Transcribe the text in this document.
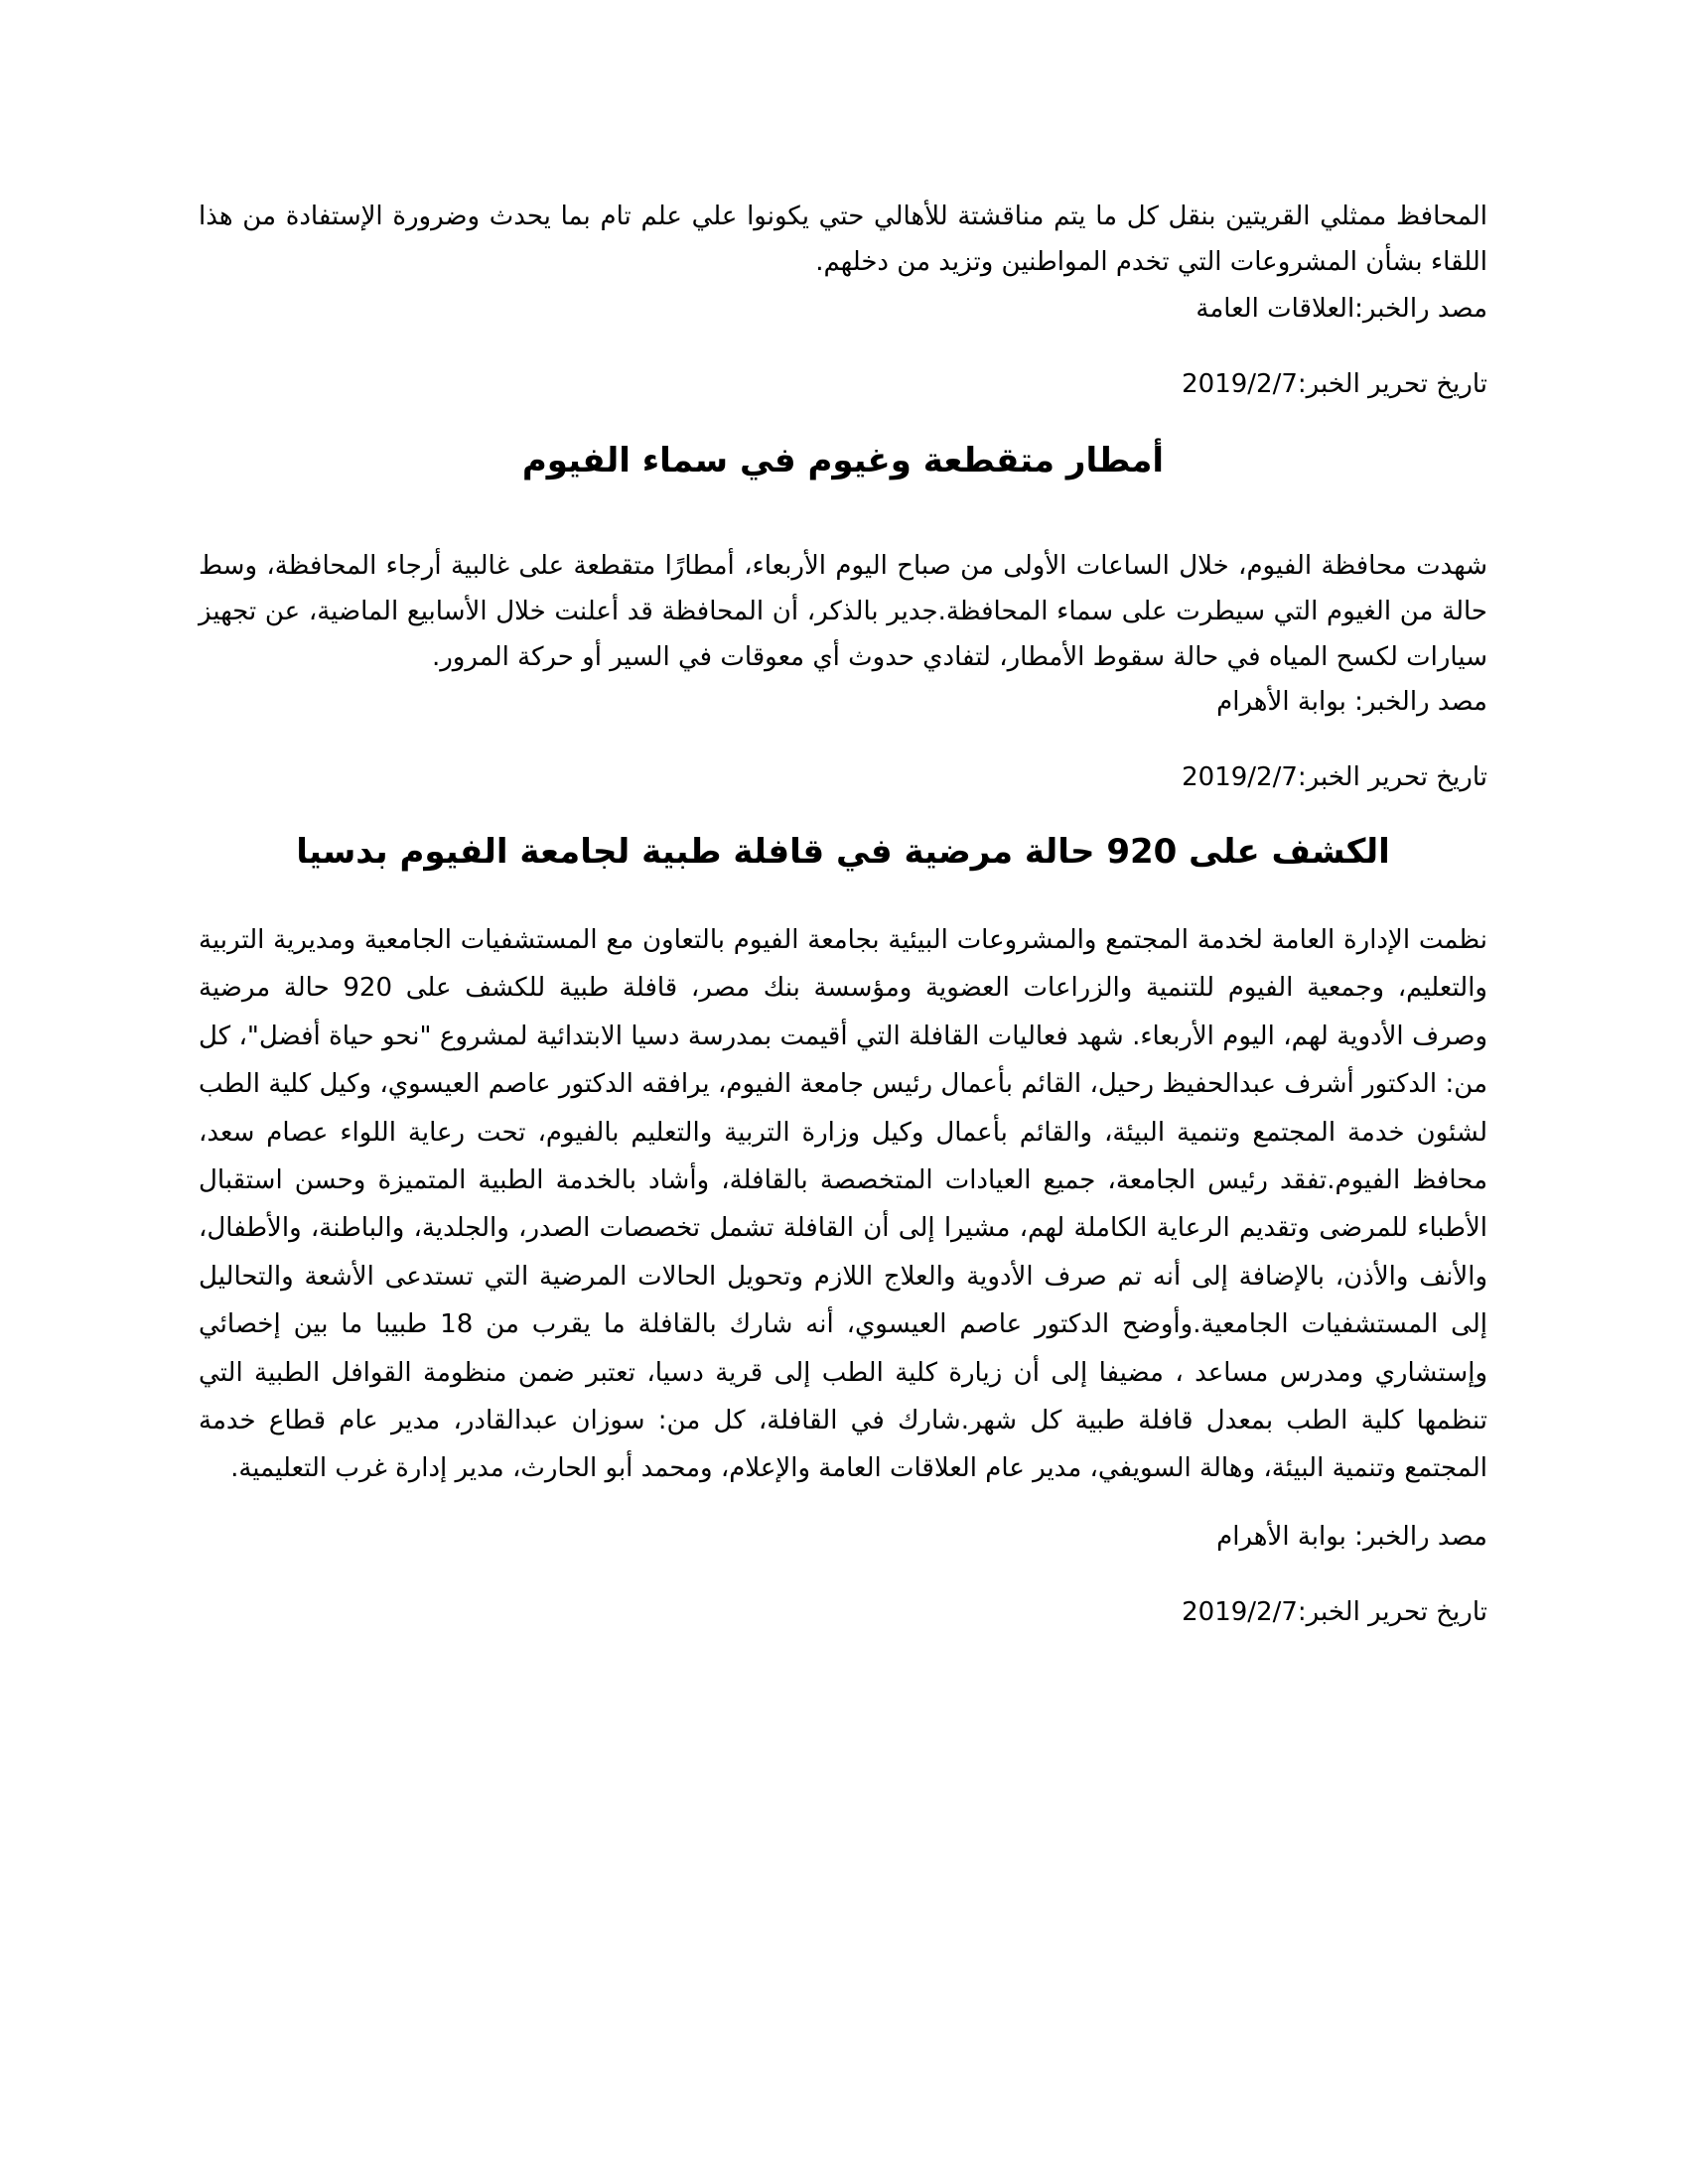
المحافظ ممثلي القريتين بنقل كل ما يتم مناقشتة للأهالي حتي يكونوا علي علم تام بما يحدث وضرورة الإستفادة من هذا اللقاء بشأن المشروعات التي تخدم المواطنين وتزيد من دخلهم.

مصد رالخبر:العلاقات العامة

تاريخ تحرير الخبر:2019/2/7

أمطار متقطعة وغيوم في سماء الفيوم

شهدت محافظة الفيوم، خلال الساعات الأولى من صباح اليوم الأربعاء، أمطارًا متقطعة على غالبية أرجاء المحافظة، وسط حالة من الغيوم التي سيطرت على سماء المحافظة.جدير بالذكر، أن المحافظة قد أعلنت خلال الأسابيع الماضية، عن تجهيز سيارات لكسح المياه في حالة سقوط الأمطار، لتفادي حدوث أي معوقات في السير أو حركة المرور.

مصد رالخبر: بوابة الأهرام

تاريخ تحرير الخبر:2019/2/7

الكشف على 920 حالة مرضية في قافلة طبية لجامعة الفيوم بدسيا

نظمت الإدارة العامة لخدمة المجتمع والمشروعات البيئية بجامعة الفيوم بالتعاون مع المستشفيات الجامعية ومديرية التربية والتعليم، وجمعية الفيوم للتنمية والزراعات العضوية ومؤسسة بنك مصر، قافلة طبية للكشف على 920 حالة مرضية وصرف الأدوية لهم، اليوم الأربعاء. شهد فعاليات القافلة التي أقيمت بمدرسة دسيا الابتدائية لمشروع "نحو حياة أفضل"، كل من: الدكتور أشرف عبدالحفيظ رحيل، القائم بأعمال رئيس جامعة الفيوم، يرافقه الدكتور عاصم العيسوي، وكيل كلية الطب لشئون خدمة المجتمع وتنمية البيئة، والقائم بأعمال وكيل وزارة التربية والتعليم بالفيوم، تحت رعاية اللواء عصام سعد، محافظ الفيوم.تفقد رئيس الجامعة، جميع العيادات المتخصصة بالقافلة، وأشاد بالخدمة الطبية المتميزة وحسن استقبال الأطباء للمرضى وتقديم الرعاية الكاملة لهم، مشيرا إلى أن القافلة تشمل تخصصات الصدر، والجلدية، والباطنة، والأطفال، والأنف والأذن، بالإضافة إلى أنه تم صرف الأدوية والعلاج اللازم وتحويل الحالات المرضية التي تستدعى الأشعة والتحاليل إلى المستشفيات الجامعية.وأوضح الدكتور عاصم العيسوي، أنه شارك بالقافلة ما يقرب من 18 طبيبا ما بين إخصائي وإستشاري ومدرس مساعد ، مضيفا إلى أن زيارة كلية الطب إلى قرية دسيا، تعتبر ضمن منظومة القوافل الطبية التي تنظمها كلية الطب بمعدل قافلة طبية كل شهر.شارك في القافلة، كل من: سوزان عبدالقادر، مدير عام قطاع خدمة المجتمع وتنمية البيئة، وهالة السويفي، مدير عام العلاقات العامة والإعلام، ومحمد أبو الحارث، مدير إدارة غرب التعليمية.

مصد رالخبر: بوابة الأهرام

تاريخ تحرير الخبر:2019/2/7
